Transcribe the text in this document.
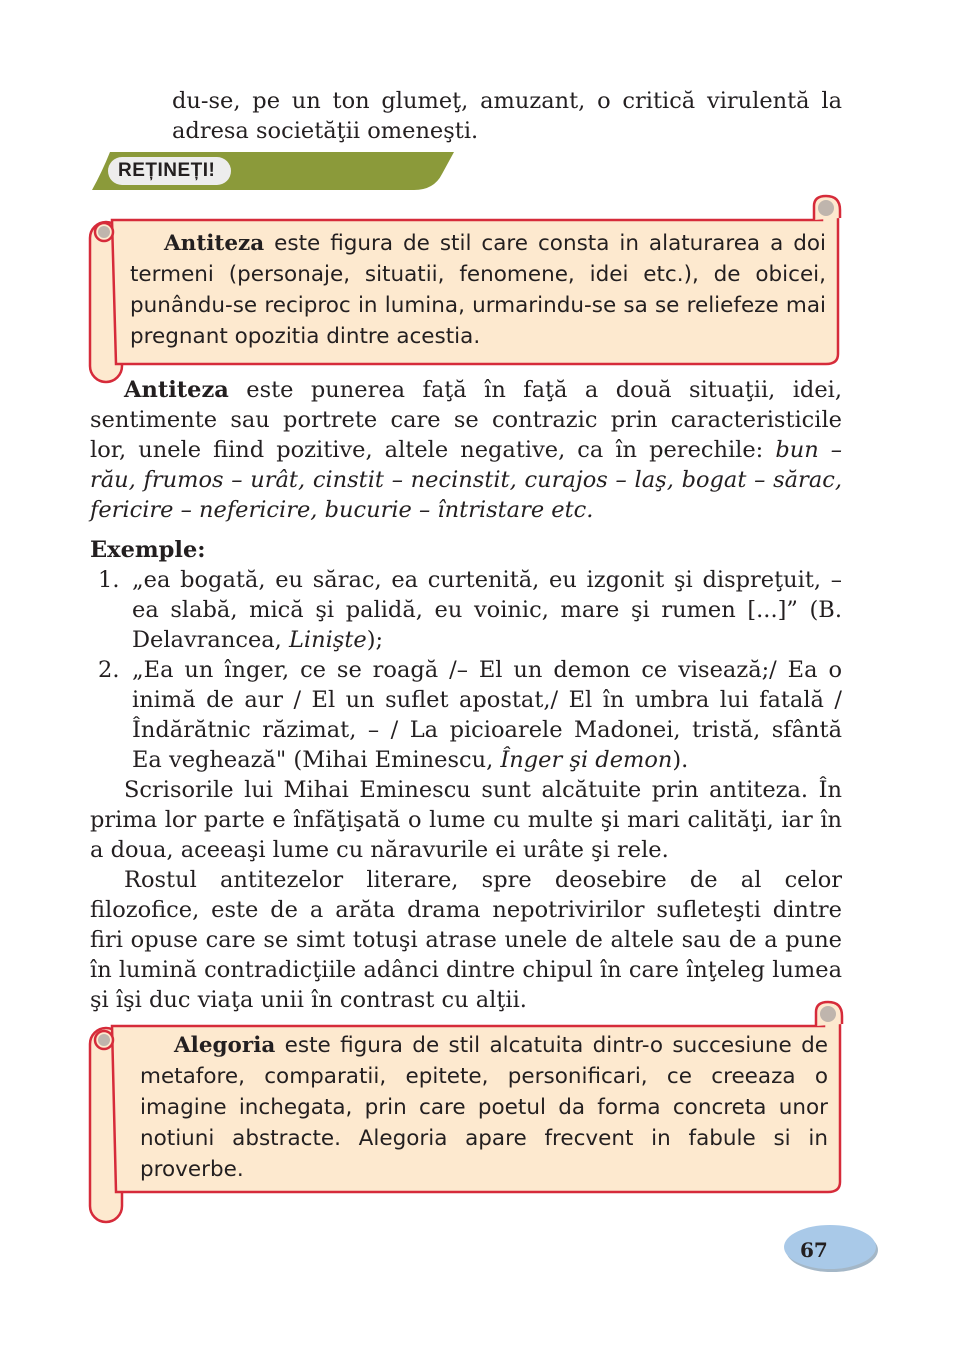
du-se, pe un ton glumeţ, amuzant, o critică virulentă la
adresa societăţii omeneşti.
REȚINEȚI!
Antiteza este figura de stil care consta in alaturarea a doi termeni (personaje, situatii, fenomene, idei etc.), de obicei, punându-se reciproc in lumina, urmarindu-se sa se reliefeze mai pregnant opozitia dintre acestia.

Antiteza este punerea faţă în faţă a două situaţii, idei, sentimente sau portrete care se contrazic prin caracteristicile lor, unele fiind pozitive, altele negative, ca în perechile: bun – rău, frumos – urât, cinstit – necinstit, curajos – laş, bogat – sărac, fericire – nefericire, bucurie – întristare etc.

Exemple:
1. „ea bogată, eu sărac, ea curtenită, eu izgonit şi dispreţuit, – ea slabă, mică şi palidă, eu voinic, mare şi rumen [...]” (B. Delavrancea, Linişte);
2. „Ea un înger, ce se roagă /– El un demon ce visează;/ Ea o inimă de aur / El un suflet apostat,/ El în umbra lui fatală / Îndărătnic răzimat, – / La picioarele Madonei, tristă, sfântă Ea veghează" (Mihai Eminescu, Înger şi demon).

Scrisorile lui Mihai Eminescu sunt alcătuite prin antiteza. În prima lor parte e înfăţişată o lume cu multe şi mari calităţi, iar în a doua, aceeaşi lume cu năravurile ei urâte şi rele.

Rostul antitezelor literare, spre deosebire de al celor filozofice, este de a arăta drama nepotrivirilor sufleteşti dintre firi opuse care se simt totuşi atrase unele de altele sau de a pune în lumină contradicţiile adânci dintre chipul în care înţeleg lumea şi îşi duc viaţa unii în contrast cu alţii.

Alegoria este figura de stil alcatuita dintr-o succesiune de metafore, comparatii, epitete, personificari, ce creeaza o imagine inchegata, prin care poetul da forma concreta unor notiuni abstracte. Alegoria apare frecvent in fabule si in proverbe.
67
